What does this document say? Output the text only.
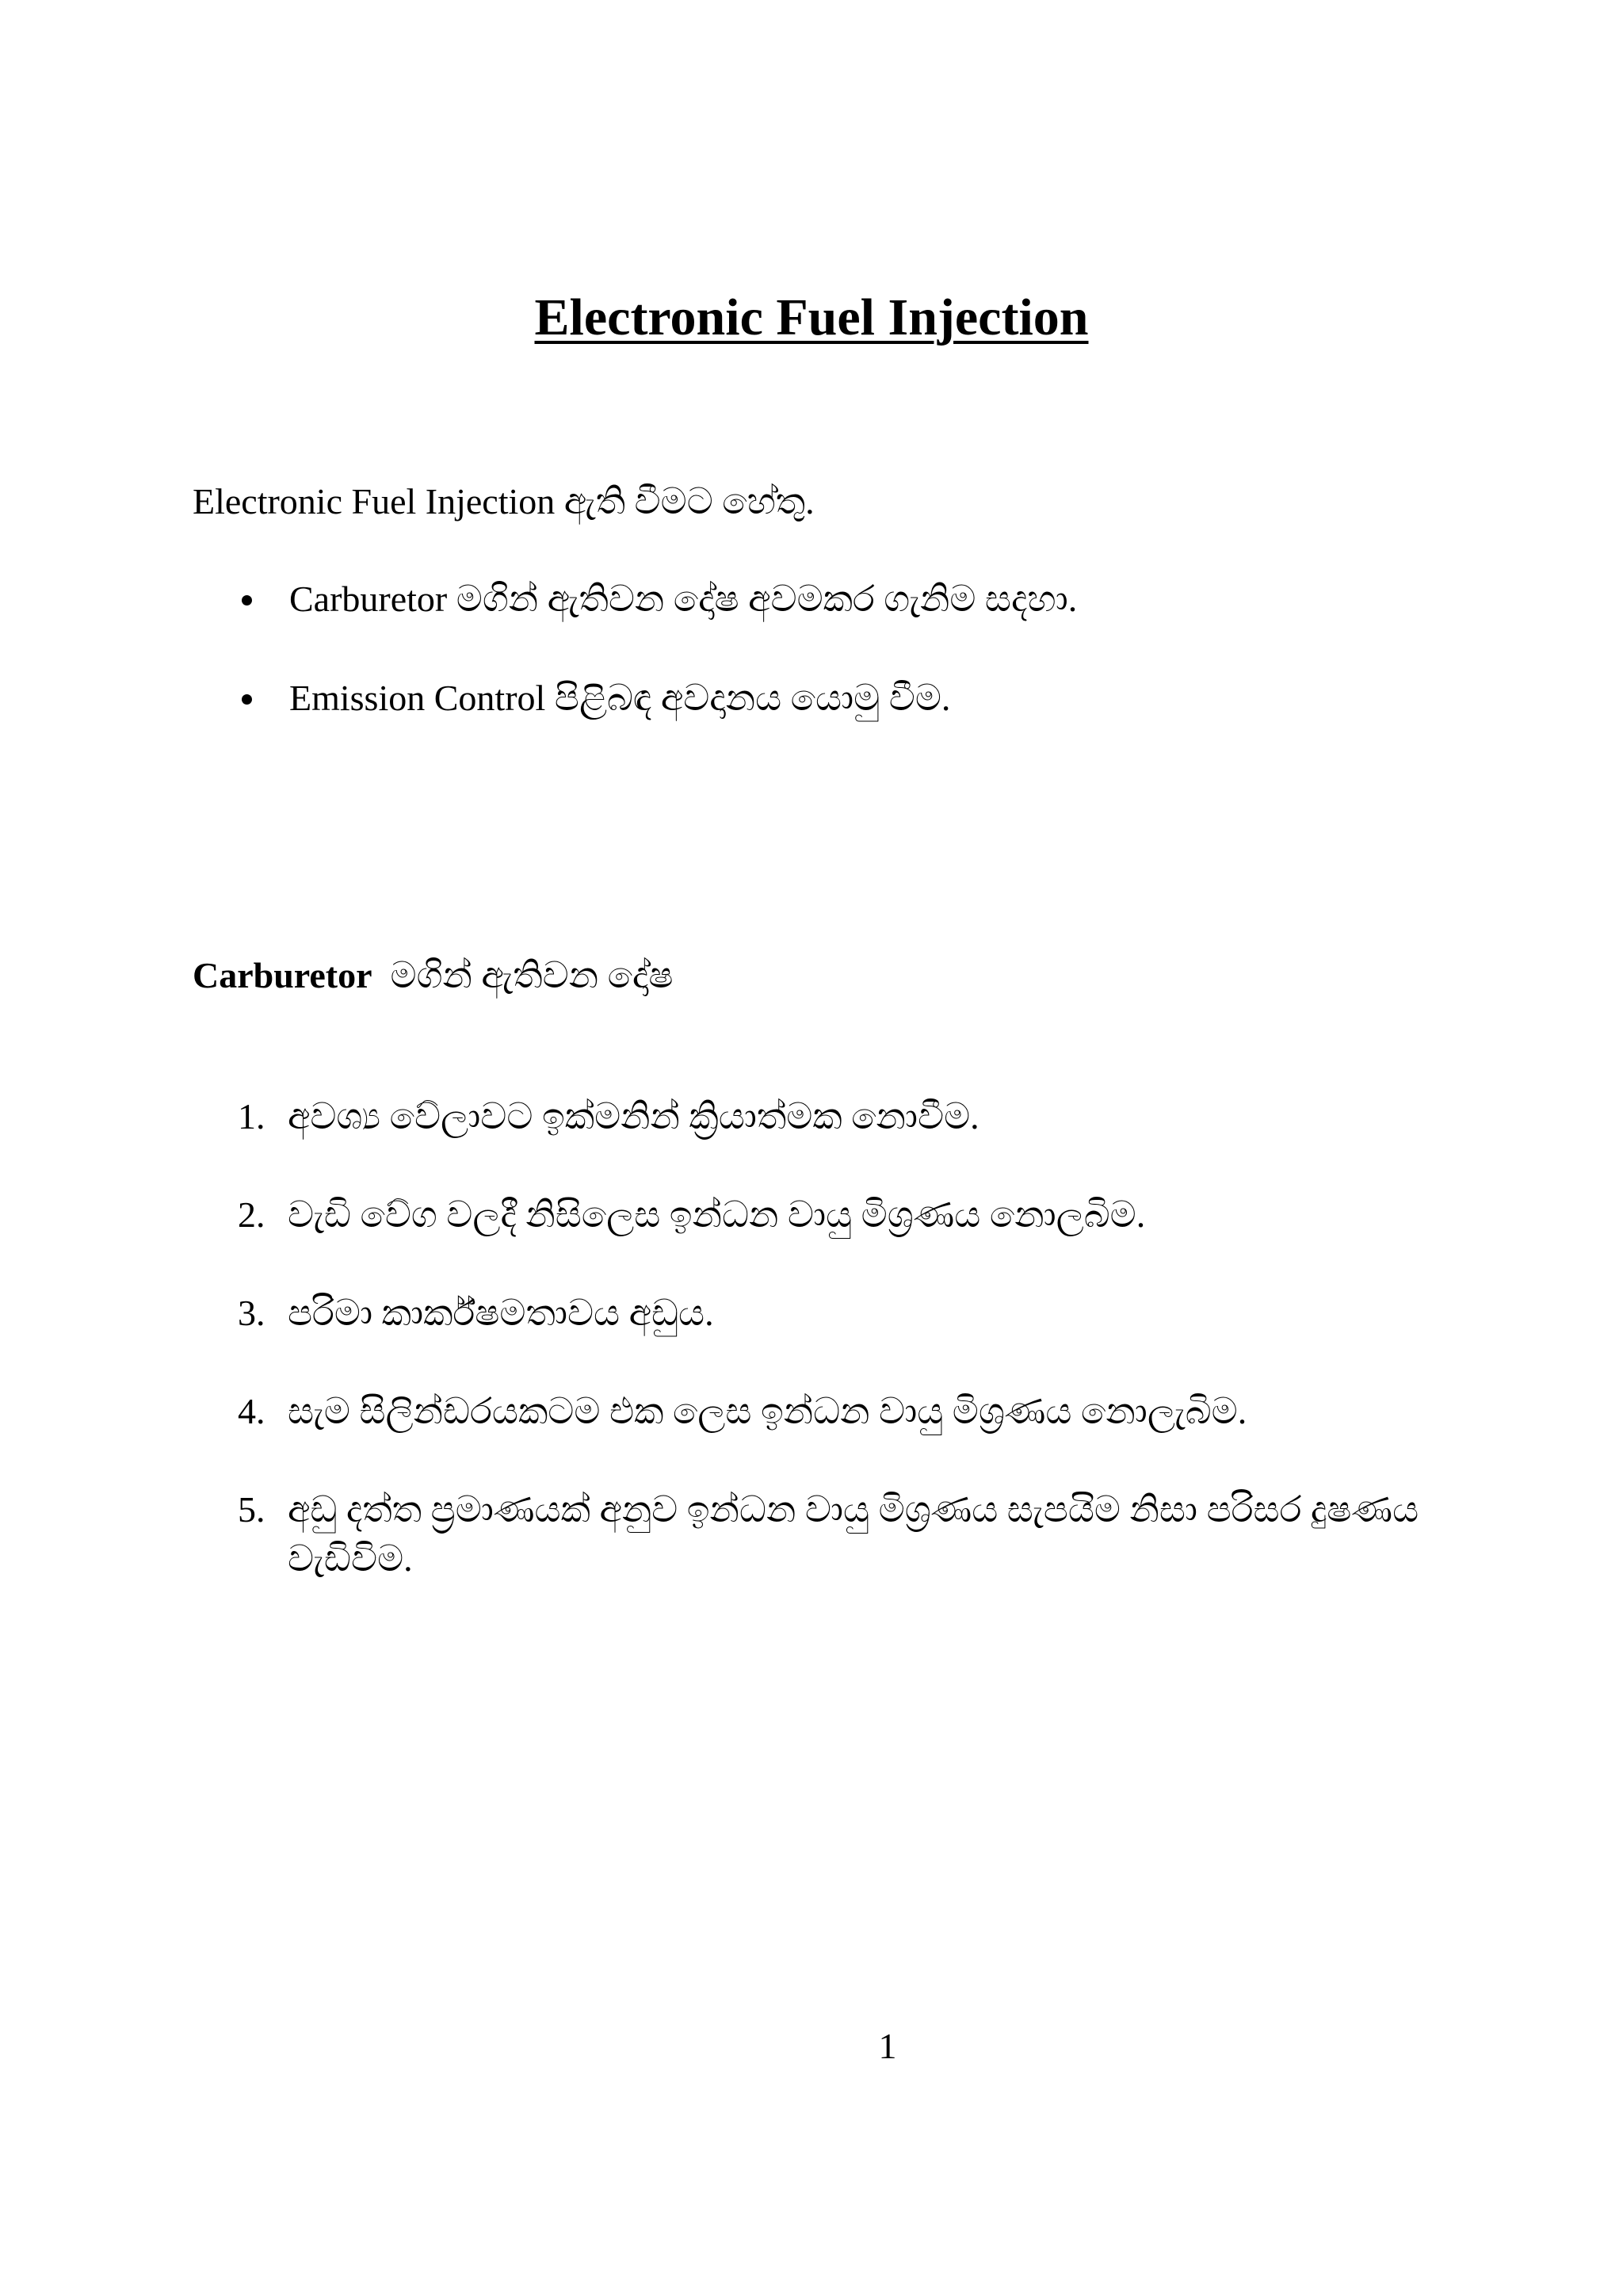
Electronic Fuel Injection

Electronic Fuel Injection ඇති වීමට හේතු.

Carburetor මගින් ඇතිවන දෝෂ අවමකර ගැනිම සදහා.
Emission Control පිළිබඳ අවදානය යොමු වීම.

Carburetor  මගින් ඇතිවන දෝෂ

1. අවශ්‍ය වේලාවට ඉක්මනින් ක්‍රියාත්මක නොවීම.
2. වැඩි වේග වලදී නිසිලෙස ඉන්ධන වායු මිශ්‍රණය නොලබිම.
3. පරිමා කාර්ක්ෂමතාවය අඩුය.
4. සැම සිලින්ඩරයකටම එක ලෙස ඉන්ධන වායු මිශ්‍රණය නොලැබිම.
5. අඩු දත්ත ප්‍රමාණයක් අනුව ඉන්ධන වායු මිශ්‍රණය සැපයිම නිසා පරිසර දුෂණය වැඩිවිම.

1
